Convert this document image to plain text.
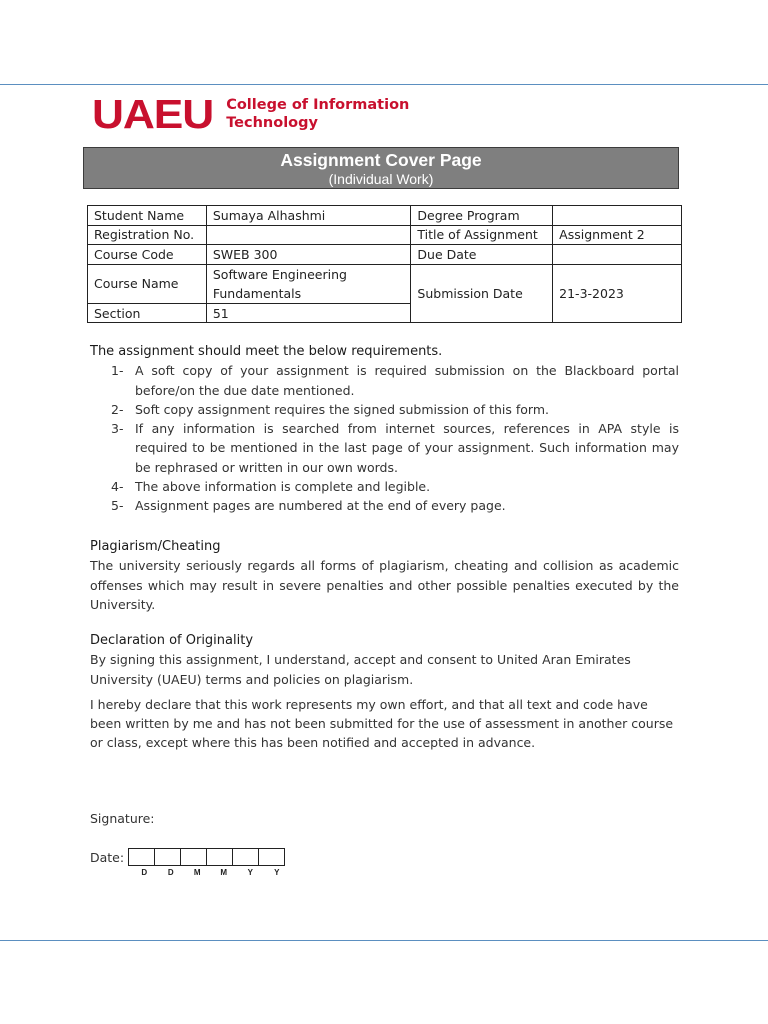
UAEU College of Information
Technology
Assignment Cover Page
(Individual Work)
Student Name	Sumaya Alhashmi	Degree Program	
Registration No.		Title of Assignment	Assignment 2
Course Code	SWEB 300	Due Date	
Course Name	Software Engineering
Fundamentals	Submission Date	21-3-2023
Section	51		
The assignment should meet the below requirements.
1- A soft copy of your assignment is required submission on the Blackboard portal before/on the due date mentioned.
2- Soft copy assignment requires the signed submission of this form.
3- If any information is searched from internet sources, references in APA style is required to be mentioned in the last page of your assignment. Such information may be rephrased or written in our own words.
4- The above information is complete and legible.
5- Assignment pages are numbered at the end of every page.
Plagiarism/Cheating
The university seriously regards all forms of plagiarism, cheating and collision as academic offenses which may result in severe penalties and other possible penalties executed by the University.
Declaration of Originality
By signing this assignment, I understand, accept and consent to United Aran Emirates University (UAEU) terms and policies on plagiarism.
I hereby declare that this work represents my own effort, and that all text and code have been written by me and has not been submitted for the use of assessment in another course or class, except where this has been notified and accepted in advance.
Signature:
Date:
D	D	M	M	Y	Y
